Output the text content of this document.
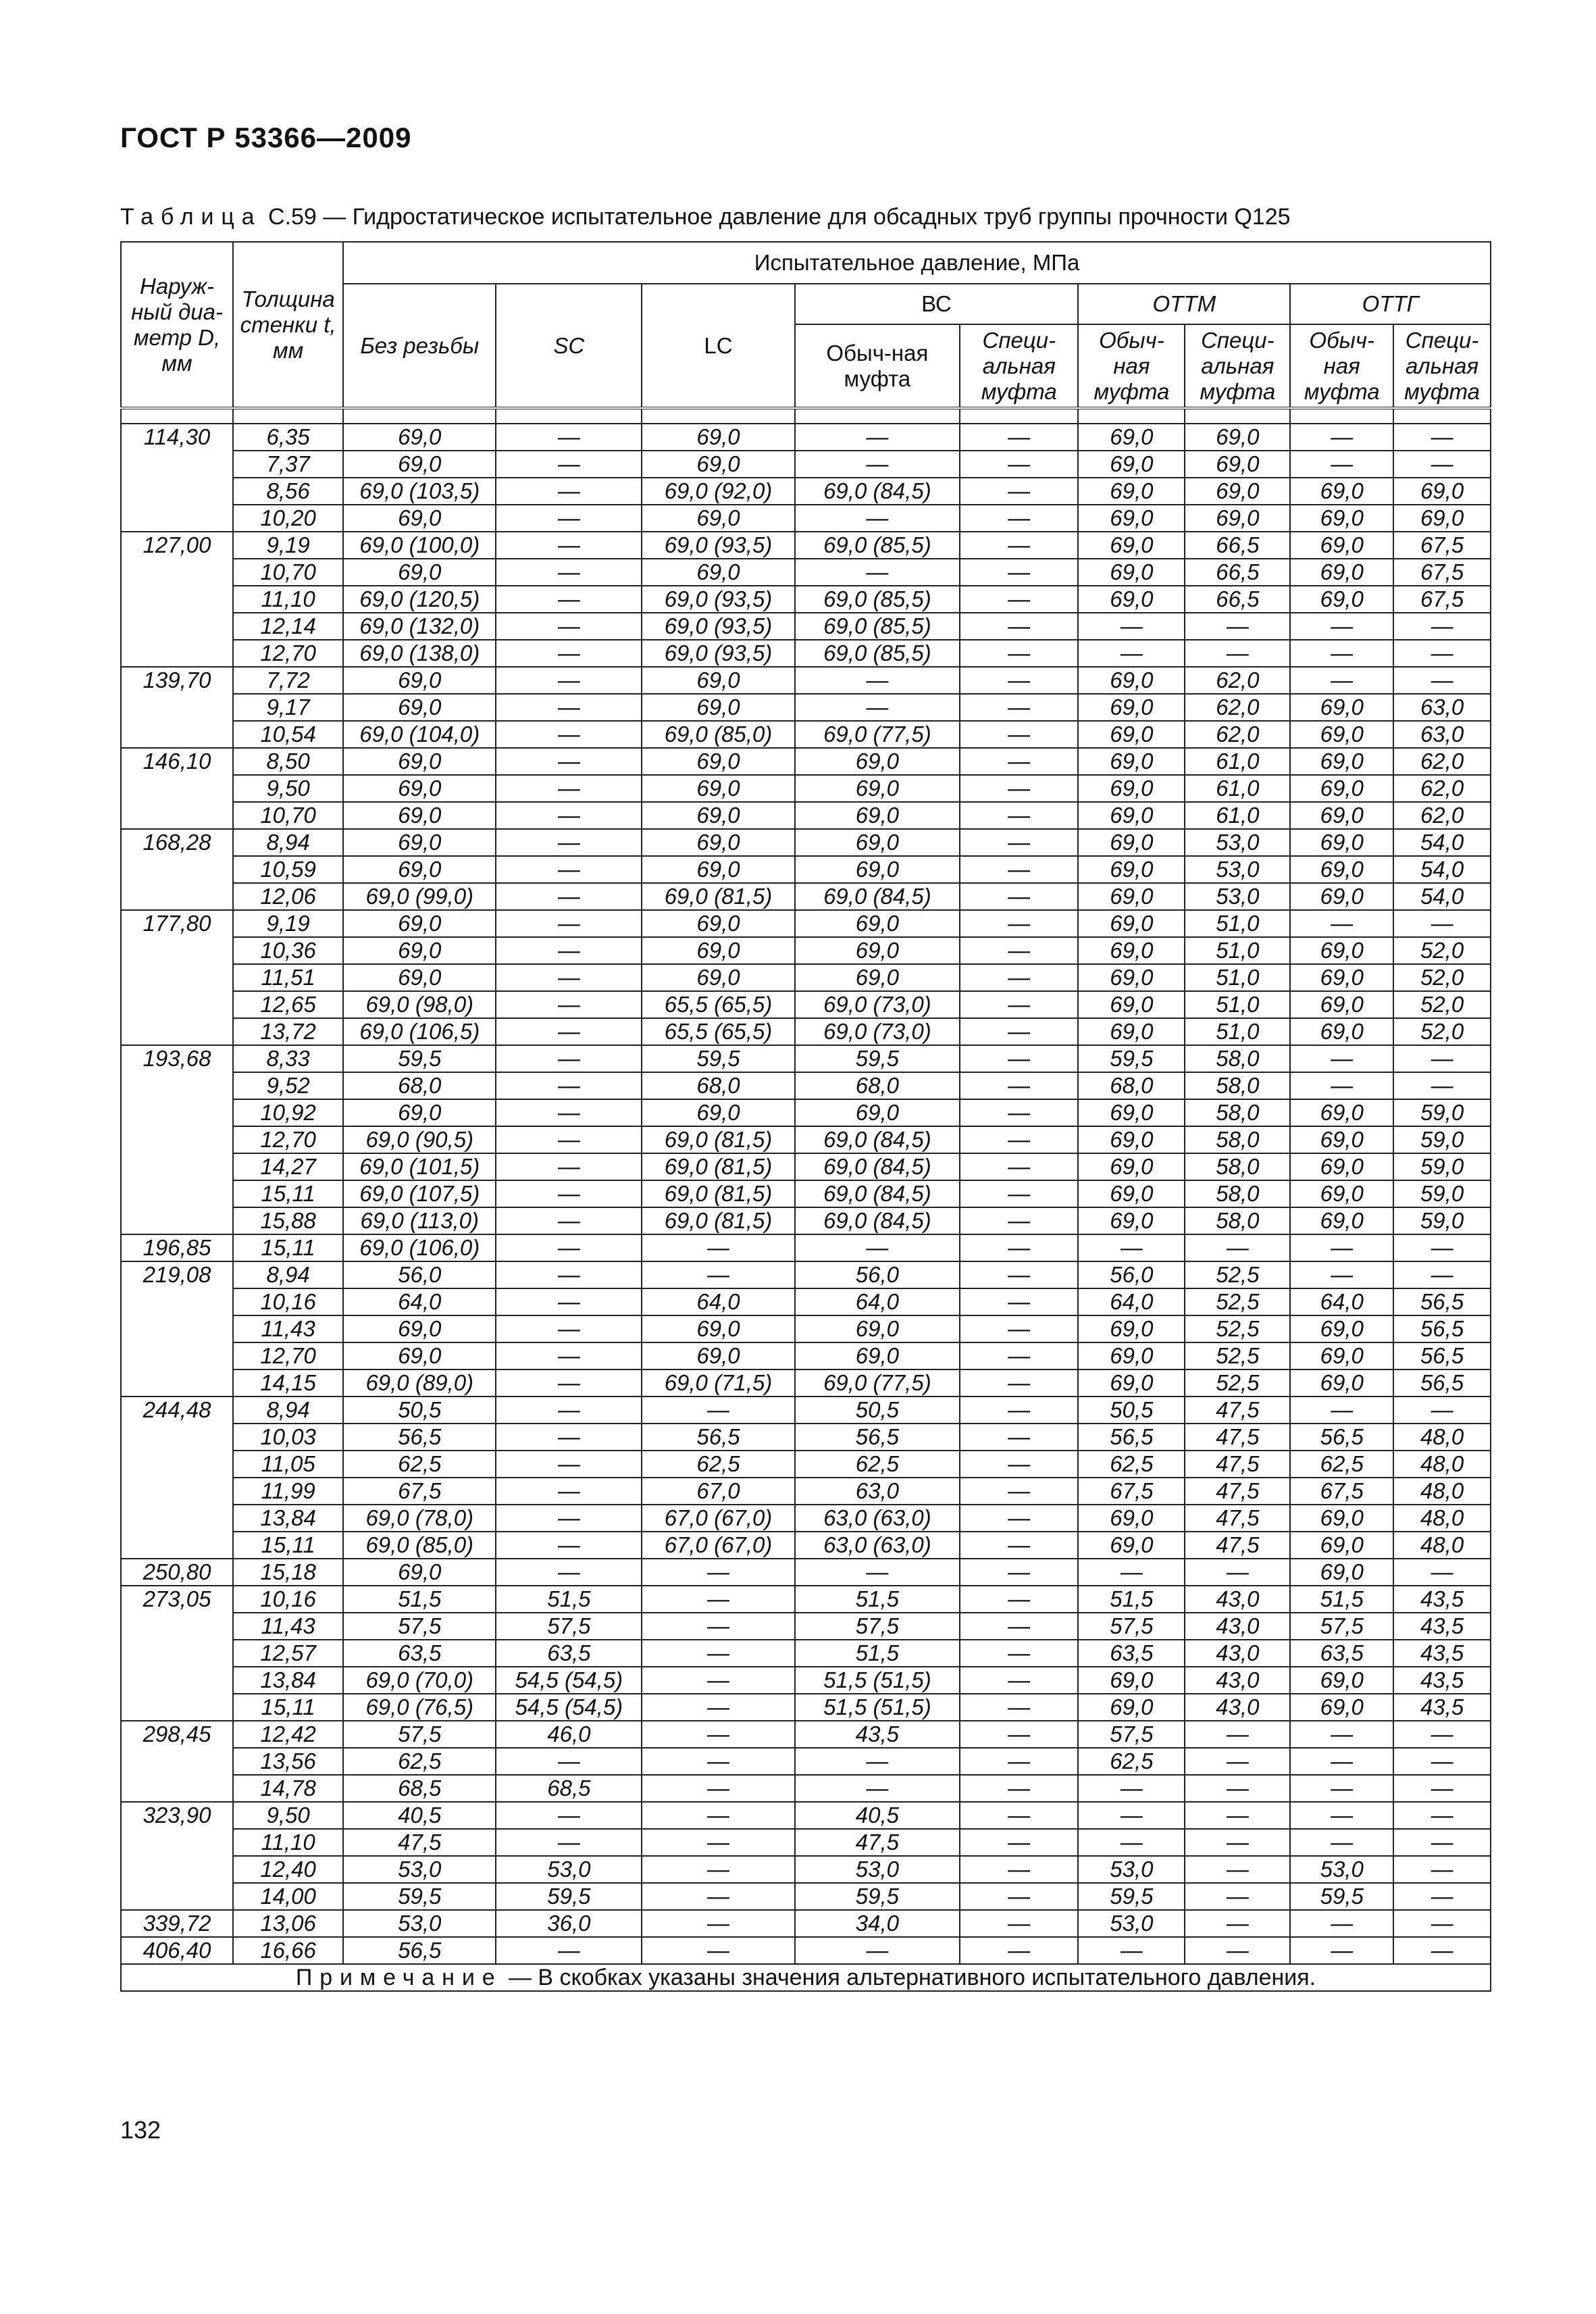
ГОСТ Р 53366—2009
Таблица С.59 — Гидростатическое испытательное давление для обсадных труб группы прочности Q125
Наруж-ный диа-метр D, мм	Толщина стенки t, мм	Испытательное давление, МПа								
		Без резьбы	SC	LC	ВС		ОТТМ		ОТТГ	
					Обыч-ная муфта	Специ-альная муфта	Обыч-ная муфта	Специ-альная муфта	Обыч-ная муфта	Специ-альная муфта

114,30	6,35	69,0	—	69,0	—	—	69,0	69,0	—	—
	7,37	69,0	—	69,0	—	—	69,0	69,0	—	—
	8,56	69,0 (103,5)	—	69,0 (92,0)	69,0 (84,5)	—	69,0	69,0	69,0	69,0
	10,20	69,0	—	69,0	—	—	69,0	69,0	69,0	69,0
127,00	9,19	69,0 (100,0)	—	69,0 (93,5)	69,0 (85,5)	—	69,0	66,5	69,0	67,5
	10,70	69,0	—	69,0	—	—	69,0	66,5	69,0	67,5
	11,10	69,0 (120,5)	—	69,0 (93,5)	69,0 (85,5)	—	69,0	66,5	69,0	67,5
	12,14	69,0 (132,0)	—	69,0 (93,5)	69,0 (85,5)	—	—	—	—	—
	12,70	69,0 (138,0)	—	69,0 (93,5)	69,0 (85,5)	—	—	—	—	—
139,70	7,72	69,0	—	69,0	—	—	69,0	62,0	—	—
	9,17	69,0	—	69,0	—	—	69,0	62,0	69,0	63,0
	10,54	69,0 (104,0)	—	69,0 (85,0)	69,0 (77,5)	—	69,0	62,0	69,0	63,0
146,10	8,50	69,0	—	69,0	69,0	—	69,0	61,0	69,0	62,0
	9,50	69,0	—	69,0	69,0	—	69,0	61,0	69,0	62,0
	10,70	69,0	—	69,0	69,0	—	69,0	61,0	69,0	62,0
168,28	8,94	69,0	—	69,0	69,0	—	69,0	53,0	69,0	54,0
	10,59	69,0	—	69,0	69,0	—	69,0	53,0	69,0	54,0
	12,06	69,0 (99,0)	—	69,0 (81,5)	69,0 (84,5)	—	69,0	53,0	69,0	54,0
177,80	9,19	69,0	—	69,0	69,0	—	69,0	51,0	—	—
	10,36	69,0	—	69,0	69,0	—	69,0	51,0	69,0	52,0
	11,51	69,0	—	69,0	69,0	—	69,0	51,0	69,0	52,0
	12,65	69,0 (98,0)	—	65,5 (65,5)	69,0 (73,0)	—	69,0	51,0	69,0	52,0
	13,72	69,0 (106,5)	—	65,5 (65,5)	69,0 (73,0)	—	69,0	51,0	69,0	52,0
193,68	8,33	59,5	—	59,5	59,5	—	59,5	58,0	—	—
	9,52	68,0	—	68,0	68,0	—	68,0	58,0	—	—
	10,92	69,0	—	69,0	69,0	—	69,0	58,0	69,0	59,0
	12,70	69,0 (90,5)	—	69,0 (81,5)	69,0 (84,5)	—	69,0	58,0	69,0	59,0
	14,27	69,0 (101,5)	—	69,0 (81,5)	69,0 (84,5)	—	69,0	58,0	69,0	59,0
	15,11	69,0 (107,5)	—	69,0 (81,5)	69,0 (84,5)	—	69,0	58,0	69,0	59,0
	15,88	69,0 (113,0)	—	69,0 (81,5)	69,0 (84,5)	—	69,0	58,0	69,0	59,0
196,85	15,11	69,0 (106,0)	—	—	—	—	—	—	—	—
219,08	8,94	56,0	—	—	56,0	—	56,0	52,5	—	—
	10,16	64,0	—	64,0	64,0	—	64,0	52,5	64,0	56,5
	11,43	69,0	—	69,0	69,0	—	69,0	52,5	69,0	56,5
	12,70	69,0	—	69,0	69,0	—	69,0	52,5	69,0	56,5
	14,15	69,0 (89,0)	—	69,0 (71,5)	69,0 (77,5)	—	69,0	52,5	69,0	56,5
244,48	8,94	50,5	—	—	50,5	—	50,5	47,5	—	—
	10,03	56,5	—	56,5	56,5	—	56,5	47,5	56,5	48,0
	11,05	62,5	—	62,5	62,5	—	62,5	47,5	62,5	48,0
	11,99	67,5	—	67,0	63,0	—	67,5	47,5	67,5	48,0
	13,84	69,0 (78,0)	—	67,0 (67,0)	63,0 (63,0)	—	69,0	47,5	69,0	48,0
	15,11	69,0 (85,0)	—	67,0 (67,0)	63,0 (63,0)	—	69,0	47,5	69,0	48,0
250,80	15,18	69,0	—	—	—	—	—	—	69,0	—
273,05	10,16	51,5	51,5	—	51,5	—	51,5	43,0	51,5	43,5
	11,43	57,5	57,5	—	57,5	—	57,5	43,0	57,5	43,5
	12,57	63,5	63,5	—	51,5	—	63,5	43,0	63,5	43,5
	13,84	69,0 (70,0)	54,5 (54,5)	—	51,5 (51,5)	—	69,0	43,0	69,0	43,5
	15,11	69,0 (76,5)	54,5 (54,5)	—	51,5 (51,5)	—	69,0	43,0	69,0	43,5
298,45	12,42	57,5	46,0	—	43,5	—	57,5	—	—	—
	13,56	62,5	—	—	—	—	62,5	—	—	—
	14,78	68,5	68,5	—	—	—	—	—	—	—
323,90	9,50	40,5	—	—	40,5	—	—	—	—	—
	11,10	47,5	—	—	47,5	—	—	—	—	—
	12,40	53,0	53,0	—	53,0	—	53,0	—	53,0	—
	14,00	59,5	59,5	—	59,5	—	59,5	—	59,5	—
339,72	13,06	53,0	36,0	—	34,0	—	53,0	—	—	—
406,40	16,66	56,5	—	—	—	—	—	—	—	—
Примечание — В скобках указаны значения альтернативного испытательного давления.										
132
